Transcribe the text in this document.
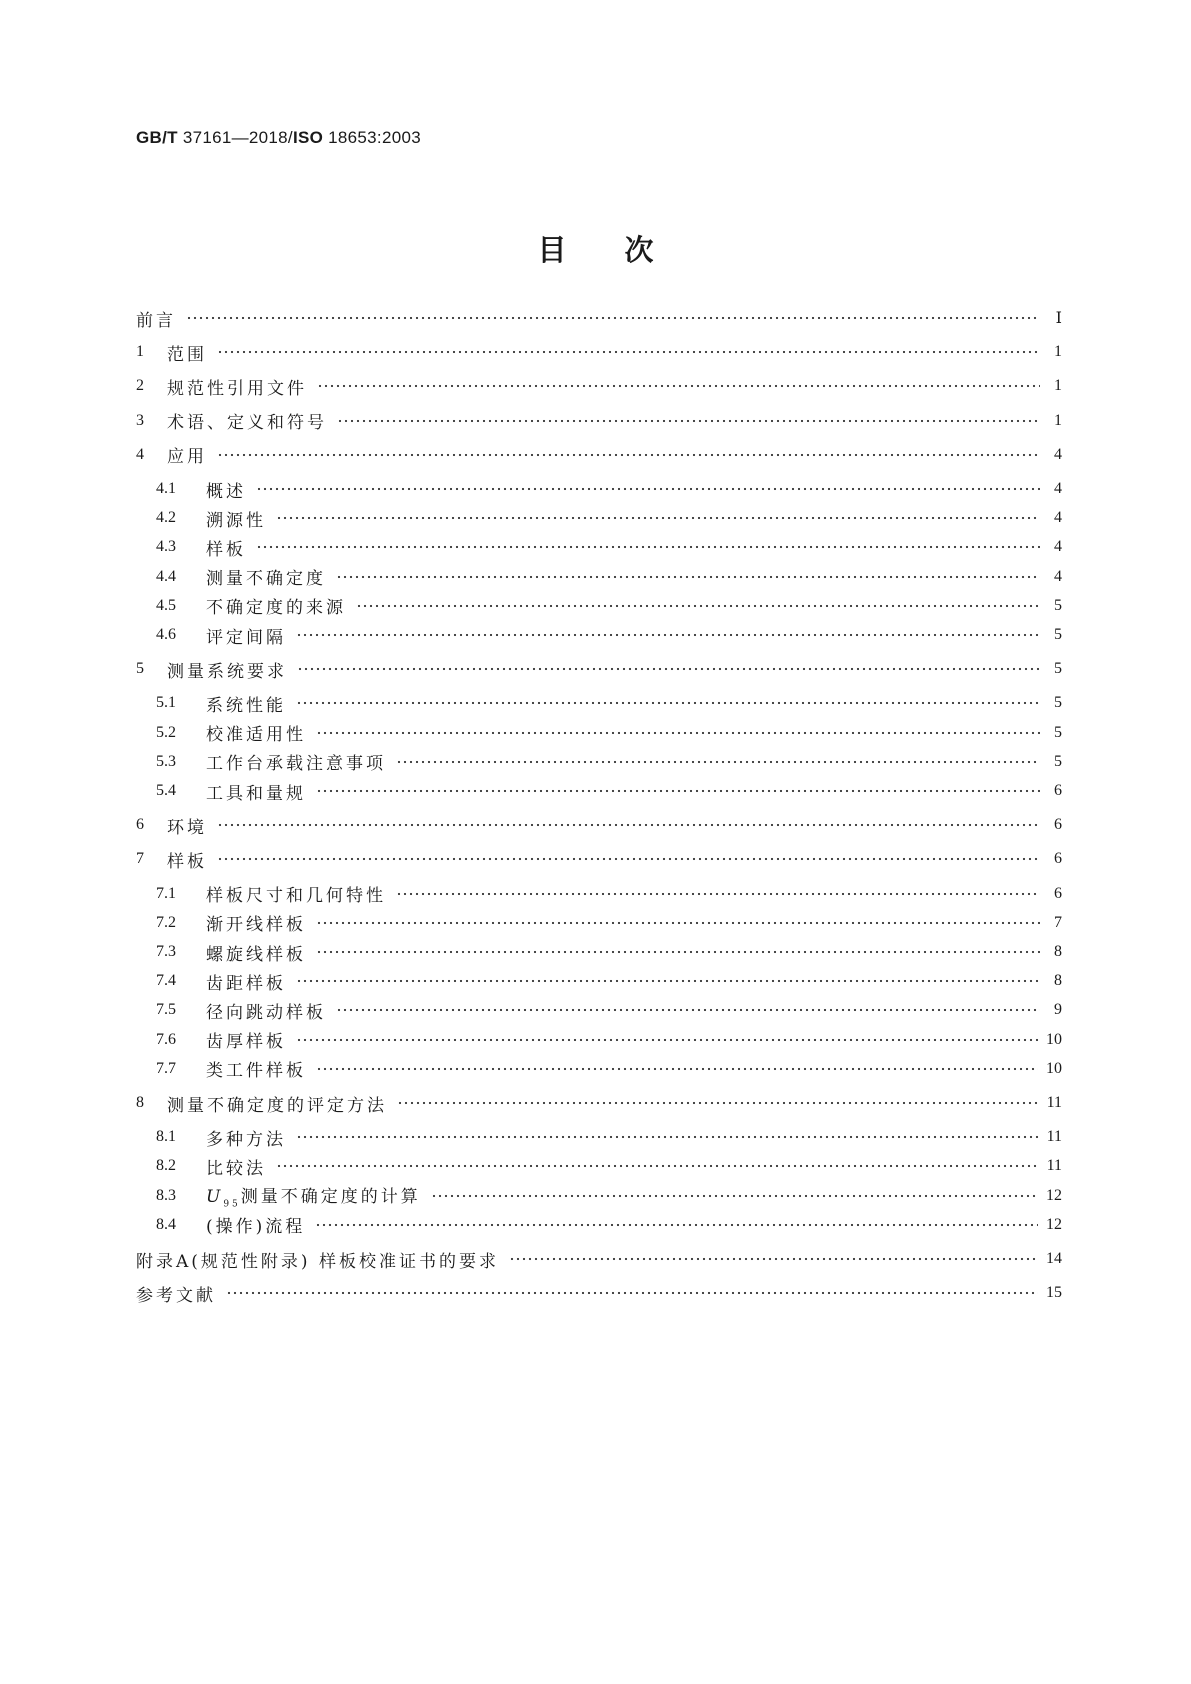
GB/T 37161—2018/ISO 18653:2003
目次
前言	Ⅰ
1	范围	1
2	规范性引用文件	1
3	术语、定义和符号	1
4	应用	4
4.1	概述	4
4.2	溯源性	4
4.3	样板	4
4.4	测量不确定度	4
4.5	不确定度的来源	5
4.6	评定间隔	5
5	测量系统要求	5
5.1	系统性能	5
5.2	校准适用性	5
5.3	工作台承载注意事项	5
5.4	工具和量规	6
6	环境	6
7	样板	6
7.1	样板尺寸和几何特性	6
7.2	渐开线样板	7
7.3	螺旋线样板	8
7.4	齿距样板	8
7.5	径向跳动样板	9
7.6	齿厚样板	10
7.7	类工件样板	10
8	测量不确定度的评定方法	11
8.1	多种方法	11
8.2	比较法	11
8.3	$U_{95}$测量不确定度的计算	12
8.4	(操作)流程	12
附录A(规范性附录) 样板校准证书的要求	14
参考文献	15
